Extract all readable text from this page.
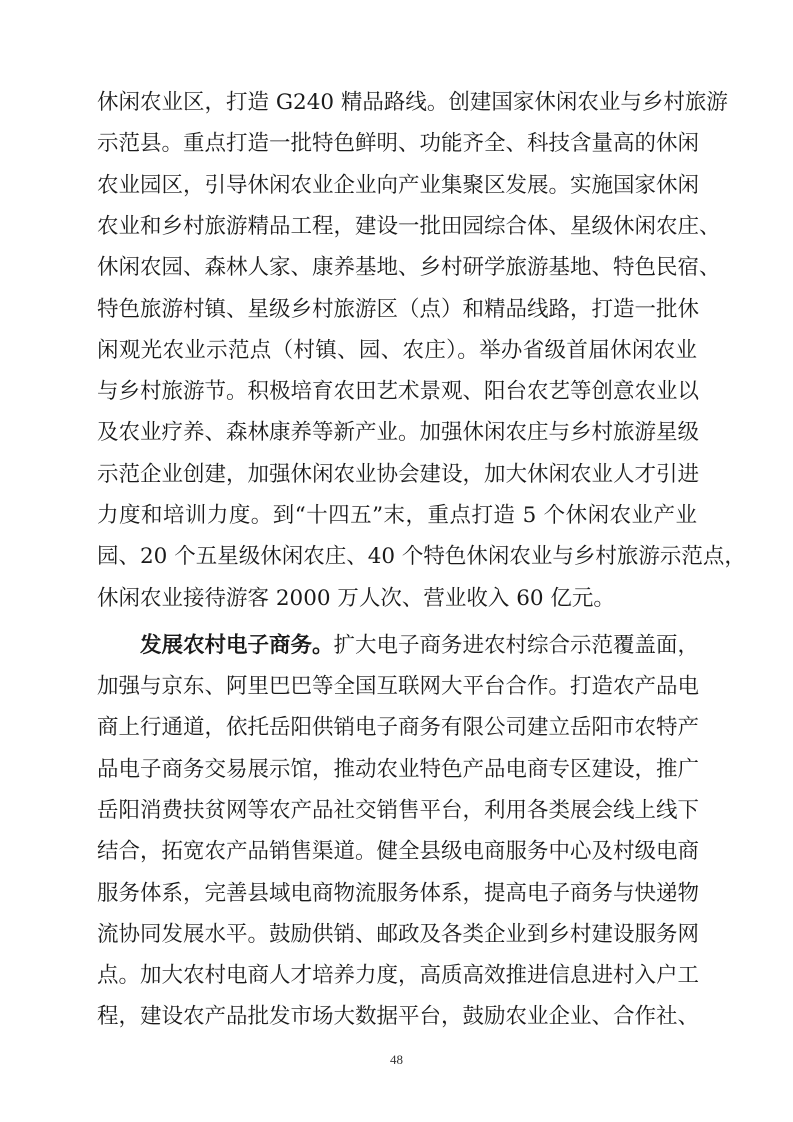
休闲农业区，打造 G240 精品路线。创建国家休闲农业与乡村旅游
示范县。重点打造一批特色鲜明、功能齐全、科技含量高的休闲
农业园区，引导休闲农业企业向产业集聚区发展。实施国家休闲
农业和乡村旅游精品工程，建设一批田园综合体、星级休闲农庄、
休闲农园、森林人家、康养基地、乡村研学旅游基地、特色民宿、
特色旅游村镇、星级乡村旅游区（点）和精品线路，打造一批休
闲观光农业示范点（村镇、园、农庄）。举办省级首届休闲农业
与乡村旅游节。积极培育农田艺术景观、阳台农艺等创意农业以
及农业疗养、森林康养等新产业。加强休闲农庄与乡村旅游星级
示范企业创建，加强休闲农业协会建设，加大休闲农业人才引进
力度和培训力度。到“十四五”末，重点打造 5 个休闲农业产业
园、20 个五星级休闲农庄、40 个特色休闲农业与乡村旅游示范点，
休闲农业接待游客 2000 万人次、营业收入 60 亿元。
发展农村电子商务。扩大电子商务进农村综合示范覆盖面，
48
加强与京东、阿里巴巴等全国互联网大平台合作。打造农产品电
商上行通道，依托岳阳供销电子商务有限公司建立岳阳市农特产
品电子商务交易展示馆，推动农业特色产品电商专区建设，推广
岳阳消费扶贫网等农产品社交销售平台，利用各类展会线上线下
结合，拓宽农产品销售渠道。健全县级电商服务中心及村级电商
服务体系，完善县域电商物流服务体系，提高电子商务与快递物
流协同发展水平。鼓励供销、邮政及各类企业到乡村建设服务网
点。加大农村电商人才培养力度，高质高效推进信息进村入户工
程，建设农产品批发市场大数据平台，鼓励农业企业、合作社、
